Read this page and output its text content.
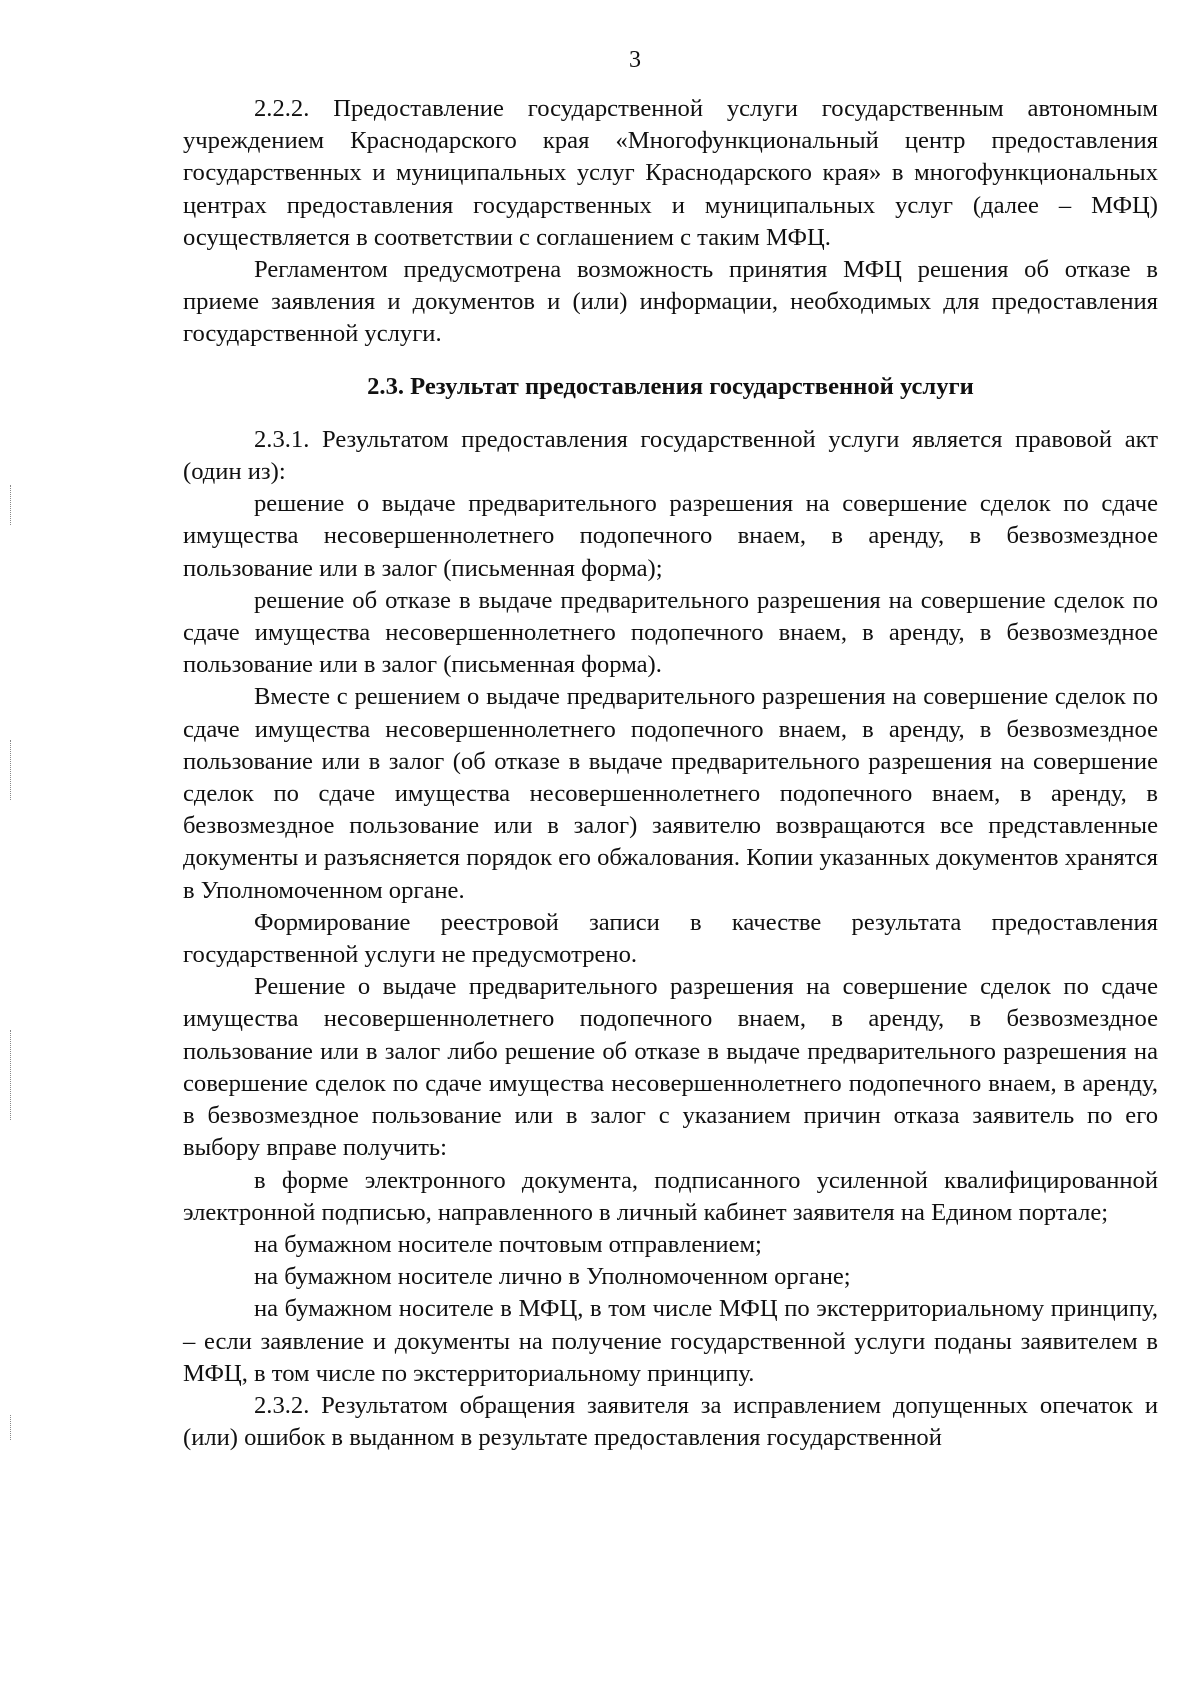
3

2.2.2. Предоставление государственной услуги государственным автономным учреждением Краснодарского края «Многофункциональный центр предоставления государственных и муниципальных услуг Краснодарского края» в многофункциональных центрах предоставления государственных и муниципальных услуг (далее – МФЦ) осуществляется в соответствии с соглашением с таким МФЦ.

Регламентом предусмотрена возможность принятия МФЦ решения об отказе в приеме заявления и документов и (или) информации, необходимых для предоставления государственной услуги.

2.3. Результат предоставления государственной услуги

2.3.1. Результатом предоставления государственной услуги является правовой акт (один из):

решение о выдаче предварительного разрешения на совершение сделок по сдаче имущества несовершеннолетнего подопечного внаем, в аренду, в безвозмездное пользование или в залог (письменная форма);

решение об отказе в выдаче предварительного разрешения на совершение сделок по сдаче имущества несовершеннолетнего подопечного внаем, в аренду, в безвозмездное пользование или в залог (письменная форма).

Вместе с решением о выдаче предварительного разрешения на совершение сделок по сдаче имущества несовершеннолетнего подопечного внаем, в аренду, в безвозмездное пользование или в залог (об отказе в выдаче предварительного разрешения на совершение сделок по сдаче имущества несовершеннолетнего подопечного внаем, в аренду, в безвозмездное пользование или в залог) заявителю возвращаются все представленные документы и разъясняется порядок его обжалования. Копии указанных документов хранятся в Уполномоченном органе.

Формирование реестровой записи в качестве результата предоставления государственной услуги не предусмотрено.

Решение о выдаче предварительного разрешения на совершение сделок по сдаче имущества несовершеннолетнего подопечного внаем, в аренду, в безвозмездное пользование или в залог либо решение об отказе в выдаче предварительного разрешения на совершение сделок по сдаче имущества несовершеннолетнего подопечного внаем, в аренду, в безвозмездное пользование или в залог с указанием причин отказа заявитель по его выбору вправе получить:

в форме электронного документа, подписанного усиленной квалифицированной электронной подписью, направленного в личный кабинет заявителя на Едином портале;

на бумажном носителе почтовым отправлением;

на бумажном носителе лично в Уполномоченном органе;

на бумажном носителе в МФЦ, в том числе МФЦ по экстерриториальному принципу, – если заявление и документы на получение государственной услуги поданы заявителем в МФЦ, в том числе по экстерриториальному принципу.

2.3.2. Результатом обращения заявителя за исправлением допущенных опечаток и (или) ошибок в выданном в результате предоставления государственной
